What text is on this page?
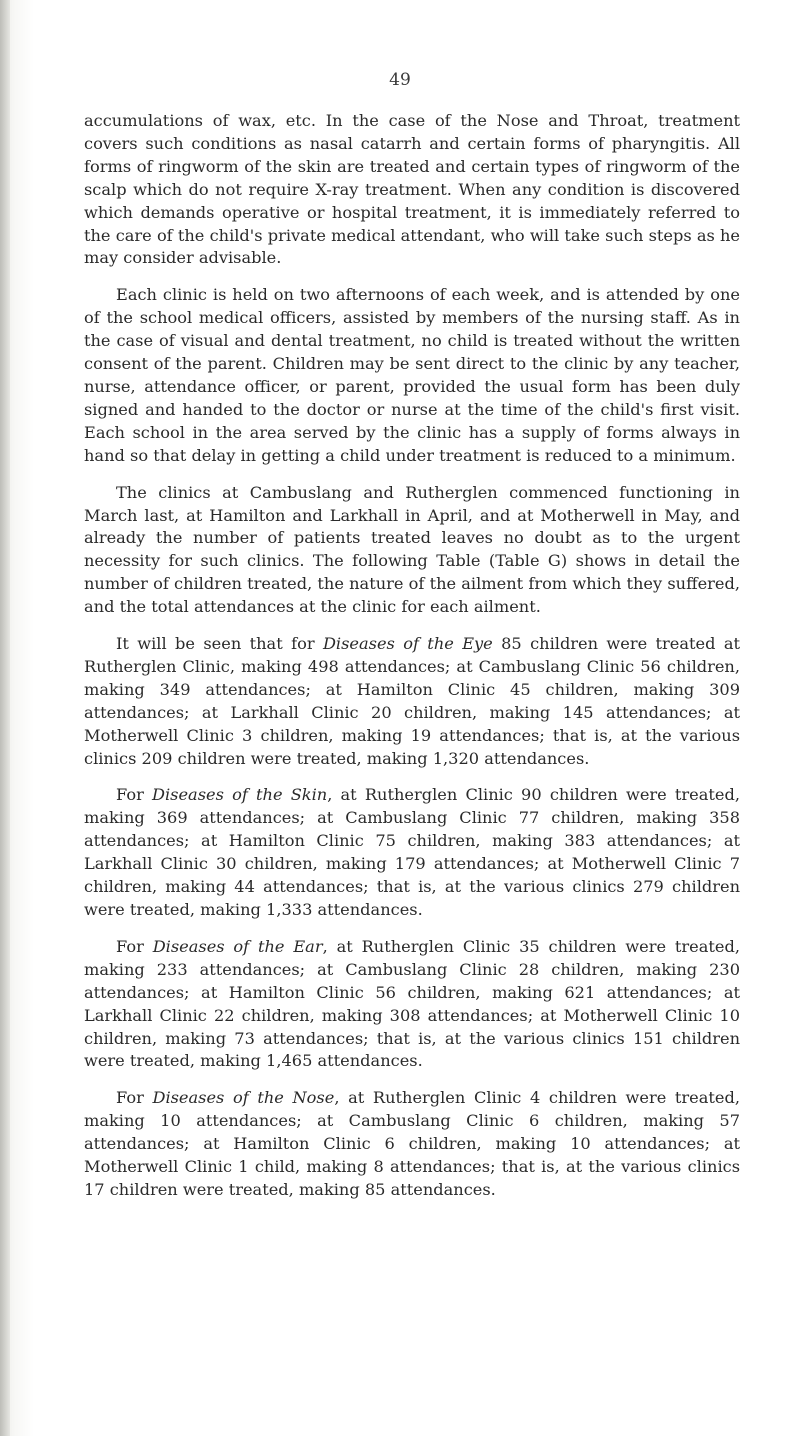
49

accumulations of wax, etc. In the case of the Nose and Throat, treatment covers such conditions as nasal catarrh and certain forms of pharyngitis. All forms of ringworm of the skin are treated and certain types of ringworm of the scalp which do not require X-ray treatment. When any condition is discovered which demands operative or hospital treatment, it is immediately referred to the care of the child's private medical attendant, who will take such steps as he may consider advisable.

Each clinic is held on two afternoons of each week, and is attended by one of the school medical officers, assisted by members of the nursing staff. As in the case of visual and dental treatment, no child is treated without the written consent of the parent. Children may be sent direct to the clinic by any teacher, nurse, attendance officer, or parent, provided the usual form has been duly signed and handed to the doctor or nurse at the time of the child's first visit. Each school in the area served by the clinic has a supply of forms always in hand so that delay in getting a child under treatment is reduced to a minimum.

The clinics at Cambuslang and Rutherglen commenced functioning in March last, at Hamilton and Larkhall in April, and at Motherwell in May, and already the number of patients treated leaves no doubt as to the urgent necessity for such clinics. The following Table (Table G) shows in detail the number of children treated, the nature of the ailment from which they suffered, and the total attendances at the clinic for each ailment.

It will be seen that for Diseases of the Eye 85 children were treated at Rutherglen Clinic, making 498 attendances; at Cambuslang Clinic 56 children, making 349 attendances; at Hamilton Clinic 45 children, making 309 attendances; at Larkhall Clinic 20 children, making 145 attendances; at Motherwell Clinic 3 children, making 19 attendances; that is, at the various clinics 209 children were treated, making 1,320 attendances.

For Diseases of the Skin, at Rutherglen Clinic 90 children were treated, making 369 attendances; at Cambuslang Clinic 77 children, making 358 attendances; at Hamilton Clinic 75 children, making 383 attendances; at Larkhall Clinic 30 children, making 179 attendances; at Motherwell Clinic 7 children, making 44 attendances; that is, at the various clinics 279 children were treated, making 1,333 attendances.

For Diseases of the Ear, at Rutherglen Clinic 35 children were treated, making 233 attendances; at Cambuslang Clinic 28 children, making 230 attendances; at Hamilton Clinic 56 children, making 621 attendances; at Larkhall Clinic 22 children, making 308 attendances; at Motherwell Clinic 10 children, making 73 attendances; that is, at the various clinics 151 children were treated, making 1,465 attendances.

For Diseases of the Nose, at Rutherglen Clinic 4 children were treated, making 10 attendances; at Cambuslang Clinic 6 children, making 57 attendances; at Hamilton Clinic 6 children, making 10 attendances; at Motherwell Clinic 1 child, making 8 attendances; that is, at the various clinics 17 children were treated, making 85 attendances.
